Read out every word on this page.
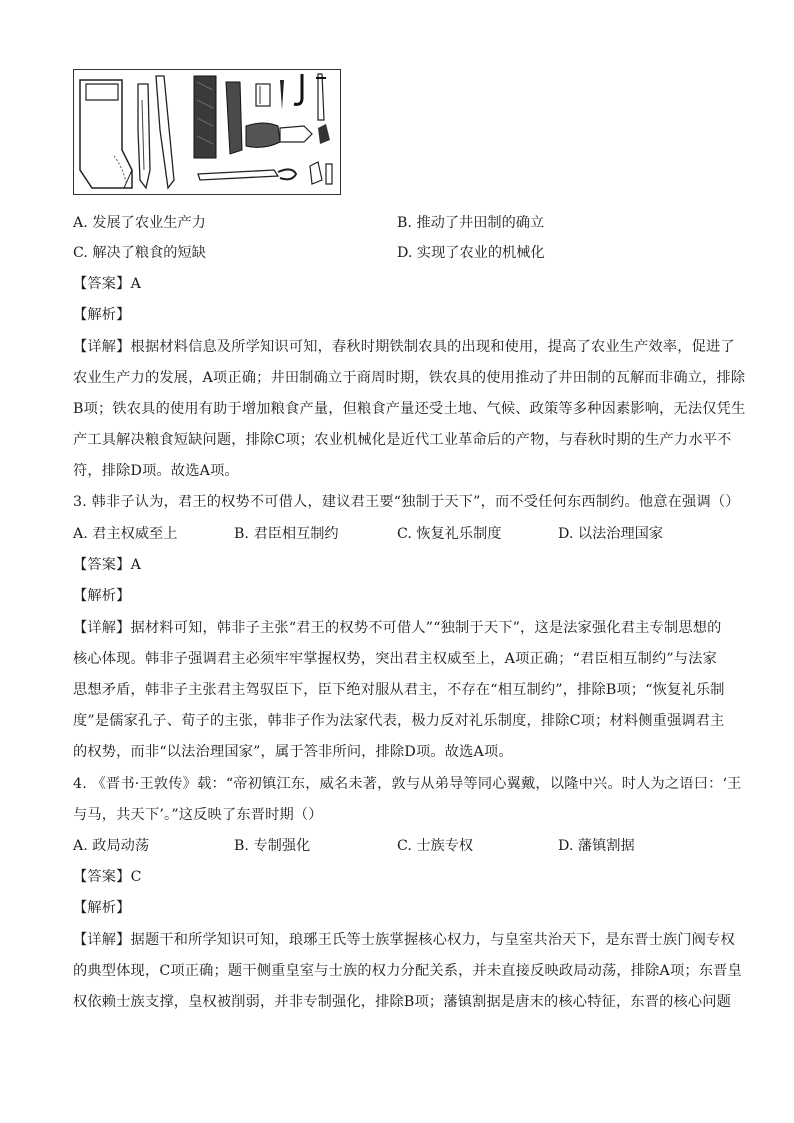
A. 发展了农业生产力	B. 推动了井田制的确立
C. 解决了粮食的短缺	D. 实现了农业的机械化
【答案】A
【解析】
【详解】根据材料信息及所学知识可知，春秋时期铁制农具的出现和使用，提高了农业生产效率，促进了
农业生产力的发展，A项正确；井田制确立于商周时期，铁农具的使用推动了井田制的瓦解而非确立，排除
B项；铁农具的使用有助于增加粮食产量，但粮食产量还受土地、气候、政策等多种因素影响，无法仅凭生
产工具解决粮食短缺问题，排除C项；农业机械化是近代工业革命后的产物，与春秋时期的生产力水平不
符，排除D项。故选A项。
3. 韩非子认为，君王的权势不可借人，建议君王要“独制于天下”，而不受任何东西制约。他意在强调（）
A. 君主权威至上	B. 君臣相互制约	C. 恢复礼乐制度	D. 以法治理国家
【答案】A
【解析】
【详解】据材料可知，韩非子主张“君王的权势不可借人”“独制于天下”，这是法家强化君主专制思想的
核心体现。韩非子强调君主必须牢牢掌握权势，突出君主权威至上，A项正确；“君臣相互制约”与法家
思想矛盾，韩非子主张君主驾驭臣下，臣下绝对服从君主，不存在“相互制约”，排除B项；“恢复礼乐制
度”是儒家孔子、荀子的主张，韩非子作为法家代表，极力反对礼乐制度，排除C项；材料侧重强调君主
的权势，而非“以法治理国家”，属于答非所问，排除D项。故选A项。
4. 《晋书·王敦传》载：“帝初镇江东，威名未著，敦与从弟导等同心翼戴，以隆中兴。时人为之语曰：‘王
与马，共天下’。”这反映了东晋时期（）
A. 政局动荡	B. 专制强化	C. 士族专权	D. 藩镇割据
【答案】C
【解析】
【详解】据题干和所学知识可知，琅琊王氏等士族掌握核心权力，与皇室共治天下，是东晋士族门阀专权
的典型体现，C项正确；题干侧重皇室与士族的权力分配关系，并未直接反映政局动荡，排除A项；东晋皇
权依赖士族支撑，皇权被削弱，并非专制强化，排除B项；藩镇割据是唐末的核心特征，东晋的核心问题
